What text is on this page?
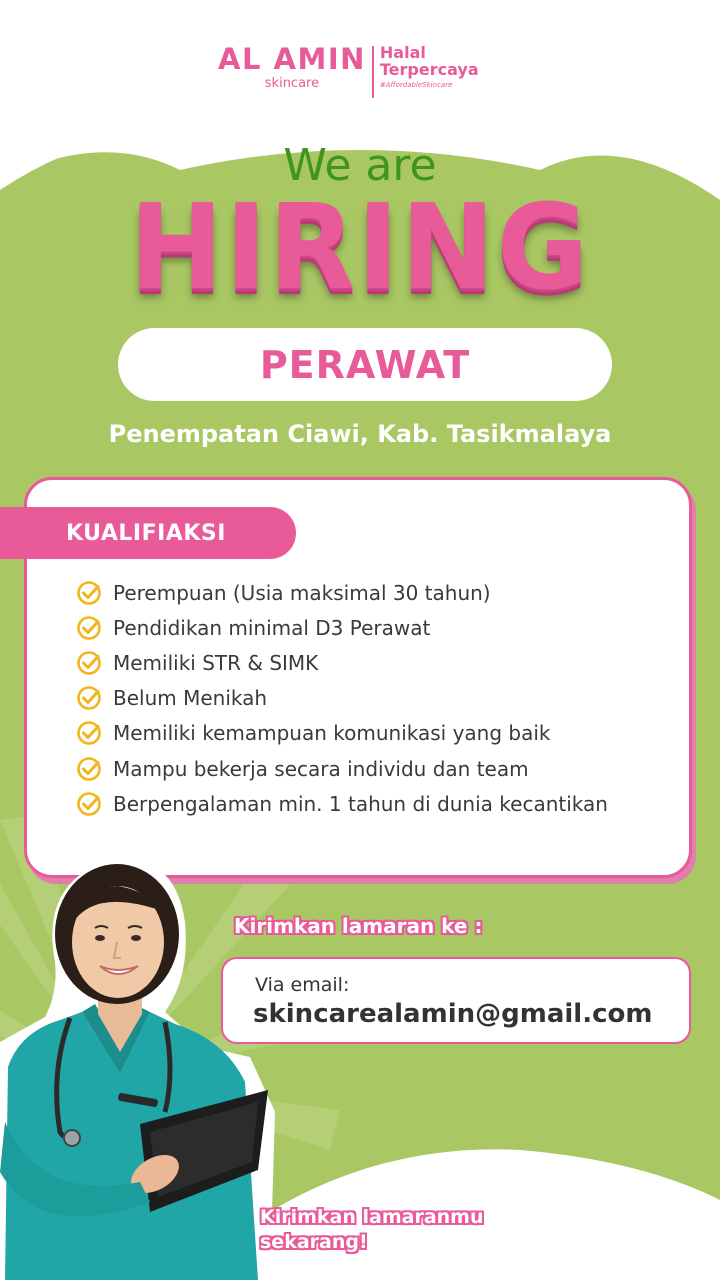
AL AMIN
skincare
Halal
Terpercaya
#AffordableSkincare
We are
HIRING
PERAWAT
Penempatan Ciawi, Kab. Tasikmalaya
KUALIFIAKSI
Perempuan (Usia maksimal 30 tahun)
Pendidikan minimal D3 Perawat
Memiliki STR & SIMK
Belum Menikah
Memiliki kemampuan komunikasi yang baik
Mampu bekerja secara individu dan team
Berpengalaman min. 1 tahun di dunia kecantikan
Kirimkan lamaran ke :
Via email:
skincarealamin@gmail.com
Kirimkan lamaranmu
sekarang!
